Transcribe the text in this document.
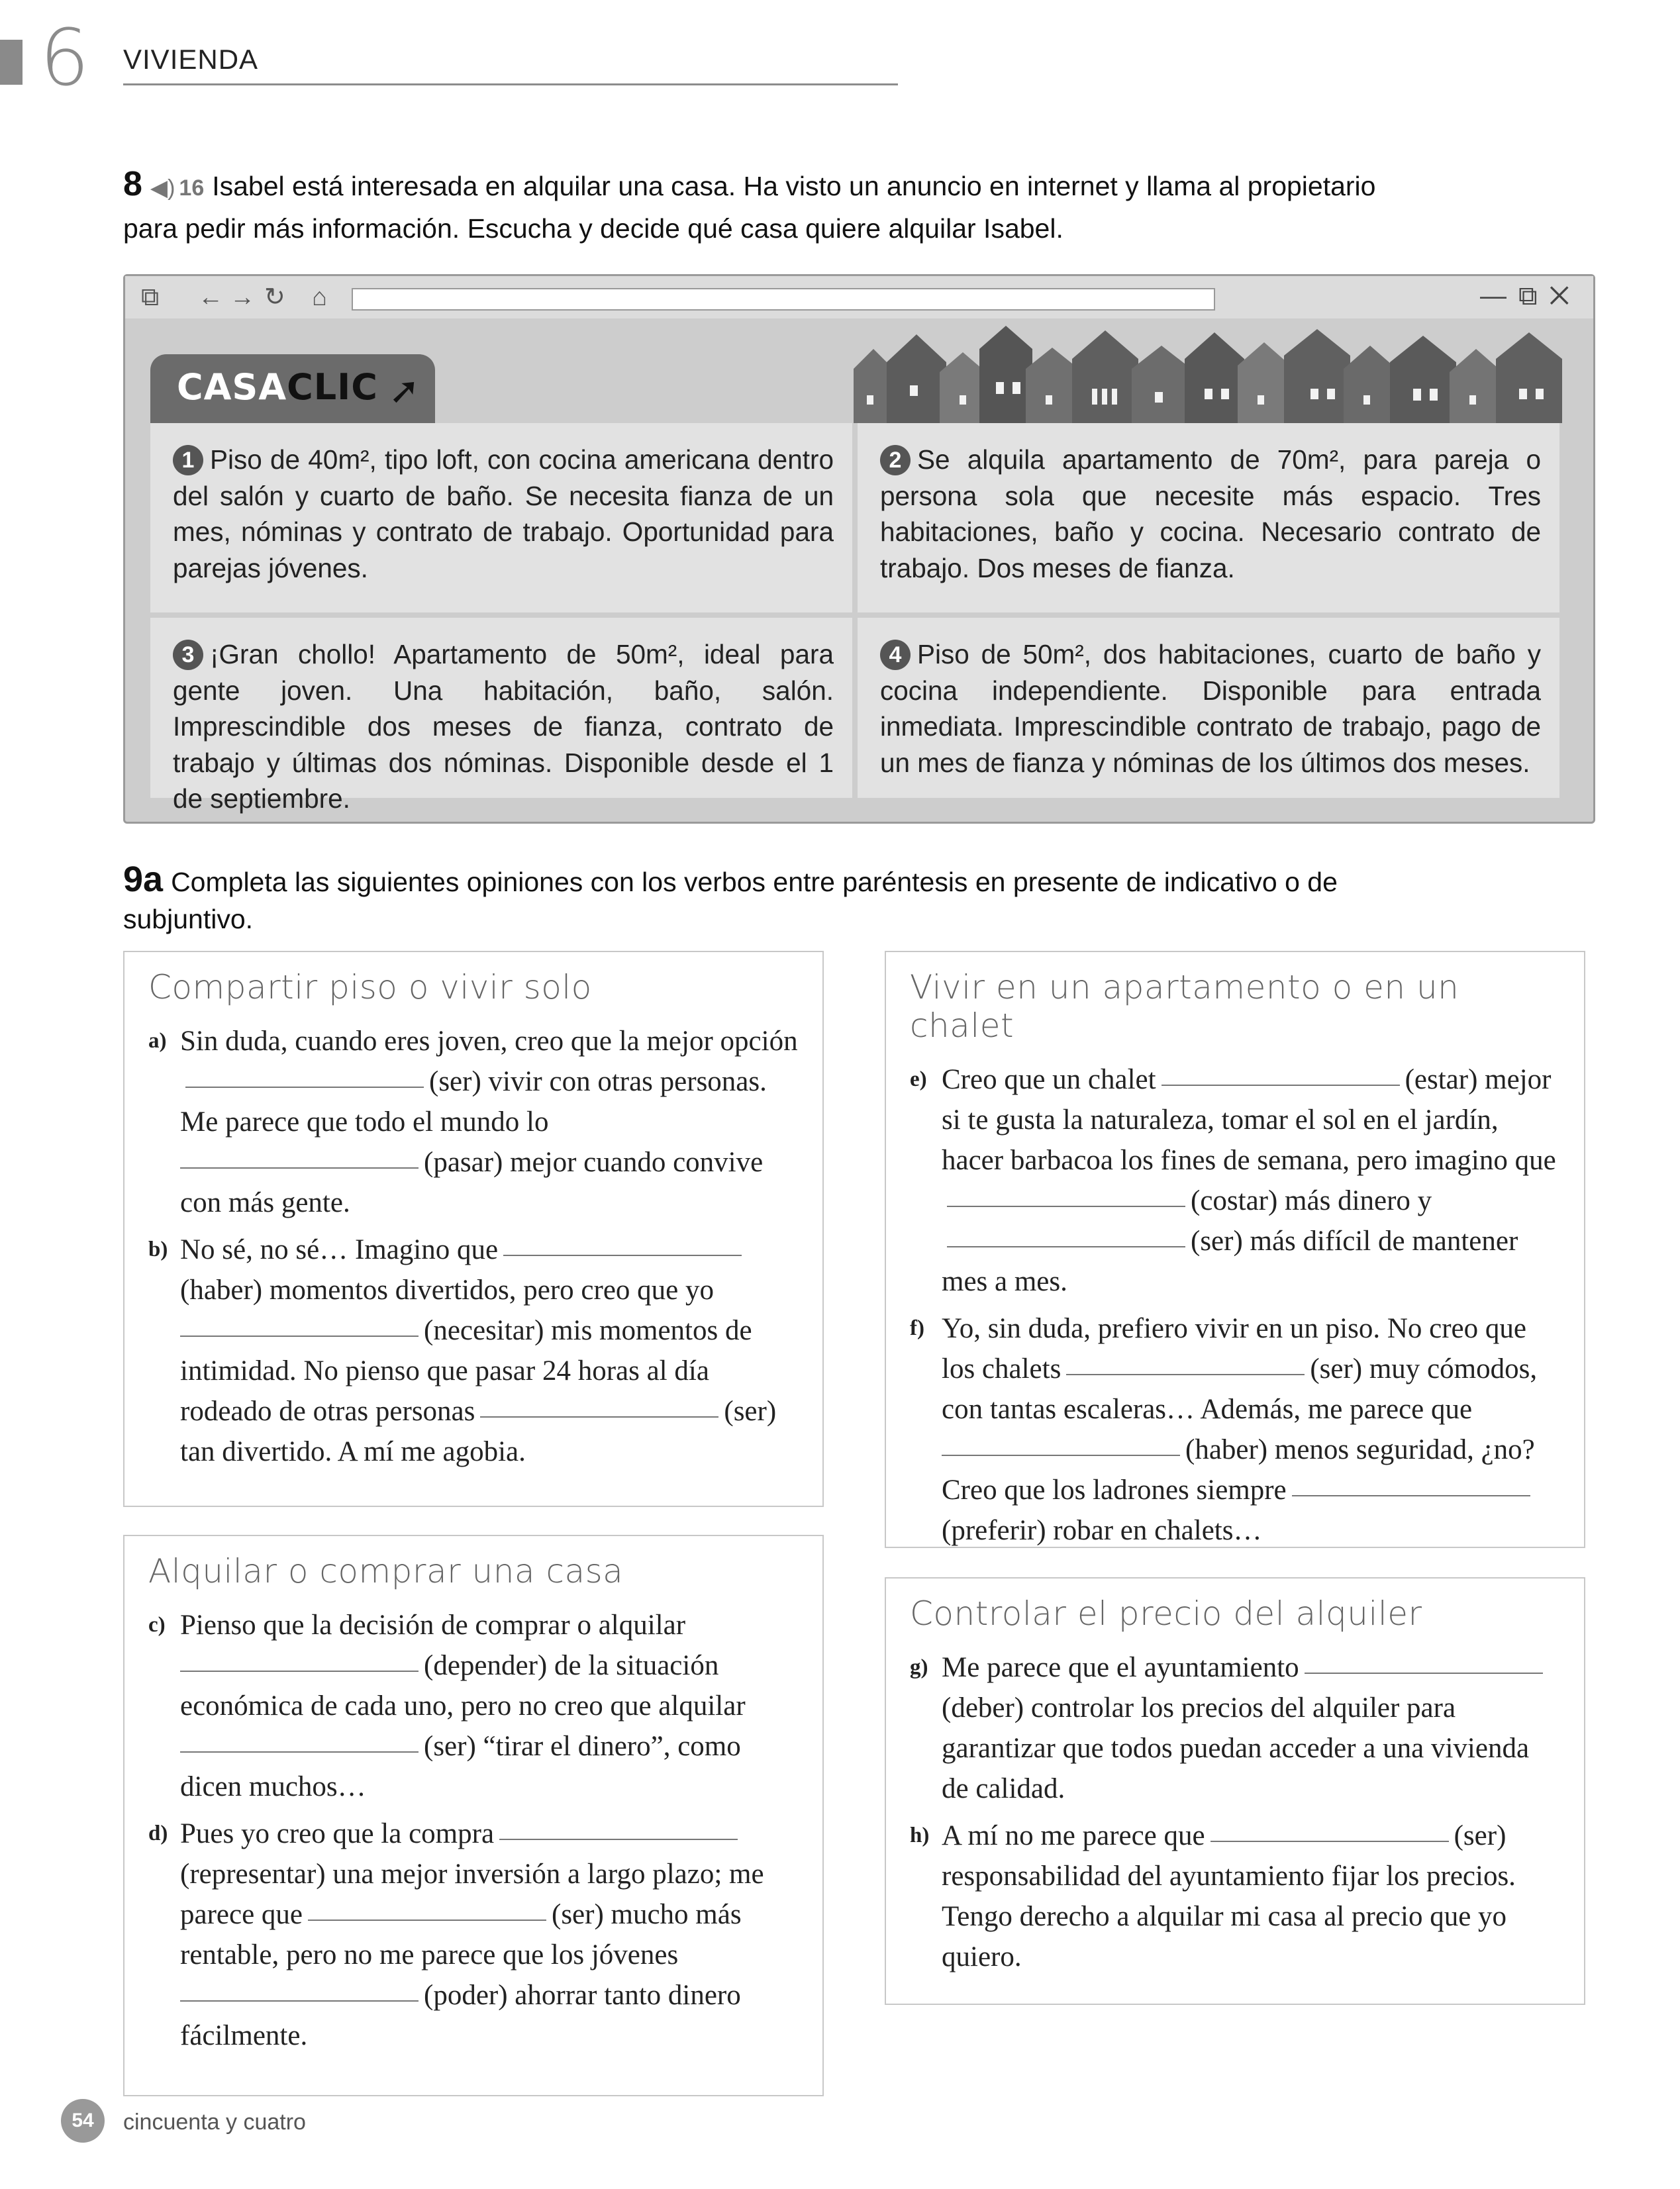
6 VIVIENDA
8 ◀) 16 Isabel está interesada en alquilar una casa. Ha visto un anuncio en internet y llama al propietario para pedir más información. Escucha y decide qué casa quiere alquilar Isabel.
⧉ ← → ↻ ⌂	—⧉✕
CASACLIC ➚
1 Piso de 40m², tipo loft, con cocina americana dentro del salón y cuarto de baño. Se necesita fianza de un mes, nóminas y contrato de trabajo. Oportunidad para parejas jóvenes.
2 Se alquila apartamento de 70m², para pareja o persona sola que necesite más espacio. Tres habitaciones, baño y cocina. Necesario contrato de trabajo. Dos meses de fianza.
3 ¡Gran chollo! Apartamento de 50m², ideal para gente joven. Una habitación, baño, salón. Imprescindible dos meses de fianza, contrato de trabajo y últimas dos nóminas. Disponible desde el 1 de septiembre.
4 Piso de 50m², dos habitaciones, cuarto de baño y cocina independiente. Disponible para entrada inmediata. Imprescindible contrato de trabajo, pago de un mes de fianza y nóminas de los últimos dos meses.
9a Completa las siguientes opiniones con los verbos entre paréntesis en presente de indicativo o de subjuntivo.
Compartir piso o vivir solo
a) Sin duda, cuando eres joven, creo que la mejor opción(ser) vivir con otras personas. Me parece que todo el mundo lo
(pasar) mejor cuando convive con más gente.
b) No sé, no sé… Imagino que(haber) momentos divertidos, pero creo que yo
(necesitar) mis momentos de intimidad. No pienso que pasar 24 horas al día rodeado de otras personas	(ser) tan divertido. A mí me agobia.
Alquilar o comprar una casa
c) Pienso que la decisión de comprar o alquilar
(depender) de la situación económica de cada uno, pero no creo que alquilar
(ser) “tirar el dinero”, como dicen muchos…
d) Pues yo creo que la compra(representar) una mejor inversión a largo plazo; me parece que	(ser) mucho más rentable, pero no me parece que los jóvenes
(poder) ahorrar tanto dinero fácilmente.
Vivir en un apartamento o en un chalet
e) Creo que un chalet	(estar) mejor si te gusta la naturaleza, tomar el sol en el jardín, hacer barbacoa los fines de semana, pero imagino que(costar) más dinero y(ser) más difícil de mantener mes a mes.
f) Yo, sin duda, prefiero vivir en un piso. No creo que los chalets	(ser) muy cómodos, con tantas escaleras… Además, me parece que
(haber) menos seguridad, ¿no? Creo que los ladrones siempre(preferir) robar en chalets…
Controlar el precio del alquiler
g) Me parece que el ayuntamiento(deber) controlar los precios del alquiler para garantizar que todos puedan acceder a una vivienda de calidad.
h) A mí no me parece que	(ser) responsabilidad del ayuntamiento fijar los precios. Tengo derecho a alquilar mi casa al precio que yo quiero.
54	cincuenta y cuatro
